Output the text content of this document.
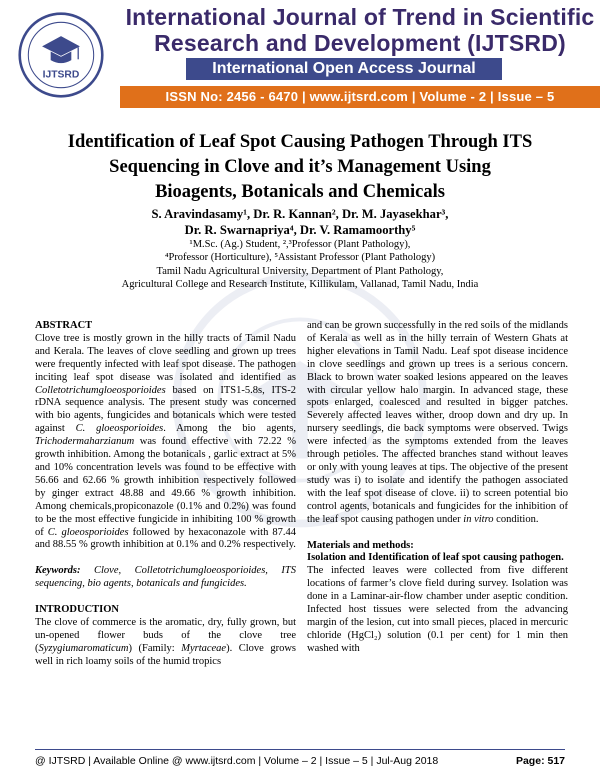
IJTSRD
International Journal of Trend in Scientific
Research and Development (IJTSRD)
International Open Access Journal
ISSN No: 2456 - 6470 | www.ijtsrd.com | Volume - 2 | Issue – 5
Identification of Leaf Spot Causing Pathogen Through ITS
Sequencing in Clove and it’s Management Using
Bioagents, Botanicals and Chemicals
S. Aravindasamy¹, Dr. R. Kannan², Dr. M. Jayasekhar³,
Dr. R. Swarnapriya⁴, Dr. V. Ramamoorthy⁵
¹M.Sc. (Ag.) Student, ²,³Professor (Plant Pathology),
⁴Professor (Horticulture), ⁵Assistant Professor (Plant Pathology)
Tamil Nadu Agricultural University, Department of Plant Pathology,
Agricultural College and Research Institute, Killikulam, Vallanad, Tamil Nadu, India

ABSTRACT

Clove tree is mostly grown in the hilly tracts of Tamil Nadu and Kerala. The leaves of clove seedling and grown up trees were frequently infected with leaf spot disease. The pathogen inciting leaf spot disease was isolated and identified as Colletotrichumgloeosporioides based on ITS1-5.8s, ITS-2 rDNA sequence analysis. The present study was concerned with bio agents, fungicides and botanicals which were tested against C. gloeosporioides. Among the bio agents, Trichodermaharzianum was found effective with 72.22 % growth inhibition. Among the botanicals , garlic extract at 5% and 10% concentration levels was found to be effective with 56.66 and 62.66 % growth inhibition respectively followed by ginger extract 48.88 and 49.66 % growth inhibition. Among chemicals,propiconazole (0.1% and 0.2%) was found to be the most effective fungicide in inhibiting 100 % growth of C. gloeosporioides followed by hexaconazole with 87.44 and 88.55 % growth inhibition at 0.1% and 0.2% respectively.

Keywords: Clove, Colletotrichumgloeosporioides, ITS sequencing, bio agents, botanicals and fungicides.

INTRODUCTION

The clove of commerce is the aromatic, dry, fully grown, but un-opened flower buds of the clove tree (Syzygiumaromaticum) (Family: Myrtaceae). Clove grows well in rich loamy soils of the humid tropics

and can be grown successfully in the red soils of the midlands of Kerala as well as in the hilly terrain of Western Ghats at higher elevations in Tamil Nadu. Leaf spot disease incidence in clove seedlings and grown up trees is a serious concern. Black to brown water soaked lesions appeared on the leaves with circular yellow halo margin. In advanced stage, these spots enlarged, coalesced and resulted in bigger patches. Severely affected leaves wither, droop down and dry up. In nursery seedlings, die back symptoms were observed. Twigs were infected as the symptoms extended from the leaves through petioles. The affected branches stand without leaves or only with young leaves at tips. The objective of the present study was i) to isolate and identify the pathogen associated with the leaf spot disease of clove. ii) to screen potential bio control agents, botanicals and fungicides for the inhibition of the leaf spot causing pathogen under in vitro condition.

Materials and methods:

Isolation and Identification of leaf spot causing pathogen.

The infected leaves were collected from five different locations of farmer’s clove field during survey. Isolation was done in a Laminar-air-flow chamber under aseptic condition. Infected host tissues were selected from the advancing margin of the lesion, cut into small pieces, placed in mercuric chloride (HgCl₂) solution (0.1 per cent) for 1 min then washed with

@ IJTSRD | Available Online @ www.ijtsrd.com | Volume – 2 | Issue – 5 | Jul-Aug 2018	Page: 517
